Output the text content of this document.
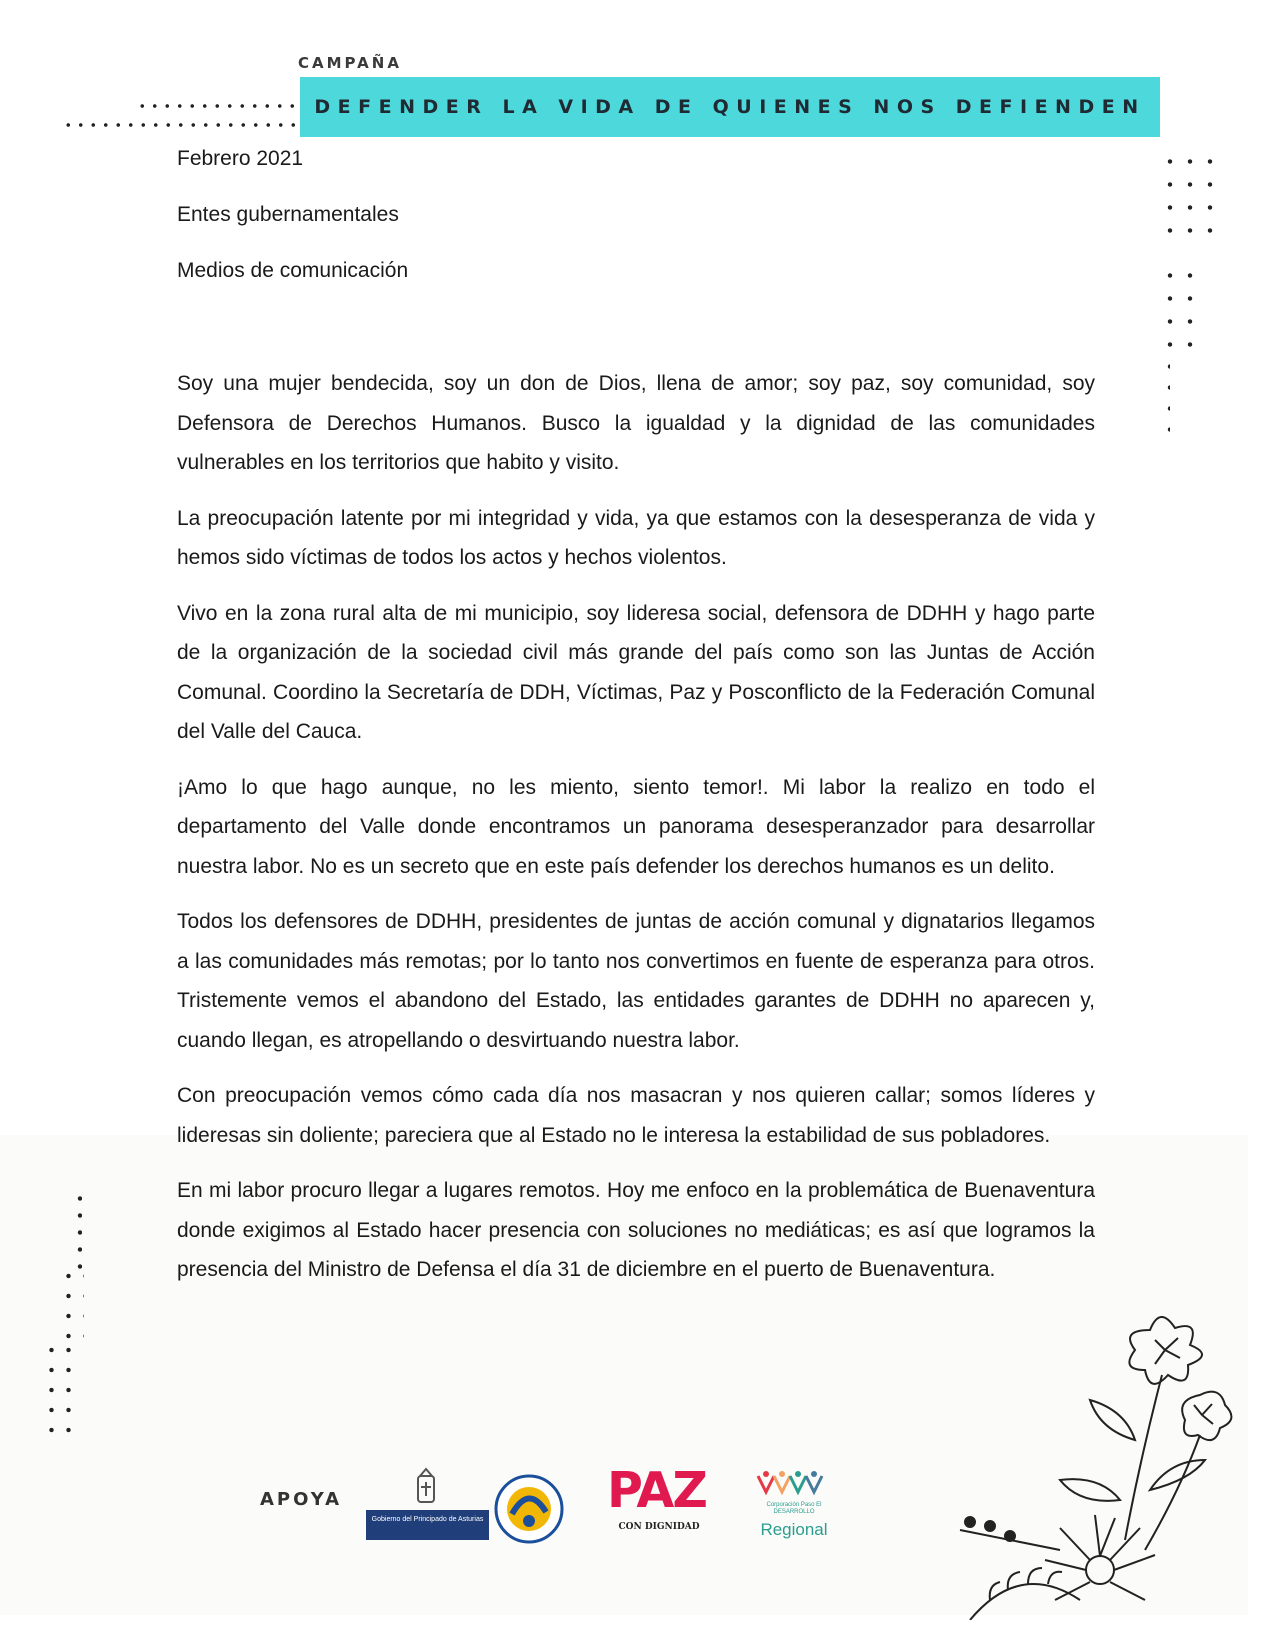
CAMPAÑA
DEFENDER LA VIDA DE QUIENES NOS DEFIENDEN
Febrero 2021
Entes gubernamentales
Medios de comunicación

Soy una mujer bendecida, soy un don de Dios, llena de amor; soy paz, soy comunidad, soy Defensora de Derechos Humanos. Busco la igualdad y la dignidad de las comunidades vulnerables en los territorios que habito y visito.

La preocupación latente por mi integridad y vida, ya que estamos con la desesperanza de vida y hemos sido víctimas de todos los actos y hechos violentos.

Vivo en la zona rural alta de mi municipio, soy lideresa social, defensora de DDHH y hago parte de la organización de la sociedad civil más grande del país como son las Juntas de Acción Comunal. Coordino la Secretaría de DDH, Víctimas, Paz y Posconflicto de la Federación Comunal del Valle del Cauca.

¡Amo lo que hago aunque, no les miento, siento temor!. Mi labor la realizo en todo el departamento del Valle donde encontramos un panorama desesperanzador para desarrollar nuestra labor. No es un secreto que en este país defender los derechos humanos es un delito.

Todos los defensores de DDHH, presidentes de juntas de acción comunal y dignatarios llegamos a las comunidades más remotas; por lo tanto nos convertimos en fuente de esperanza para otros. Tristemente vemos el abandono del Estado, las entidades garantes de DDHH no aparecen y, cuando llegan, es atropellando o desvirtuando nuestra labor.

Con preocupación vemos cómo cada día nos masacran y nos quieren callar; somos líderes y lideresas sin doliente; pareciera que al Estado no le interesa la estabilidad de sus pobladores.

En mi labor procuro llegar a lugares remotos. Hoy me enfoco en la problemática de Buenaventura donde exigimos al Estado hacer presencia con soluciones no mediáticas; es así que logramos la presencia del Ministro de Defensa el día 31 de diciembre en el puerto de Buenaventura.

APOYA
Gobierno del Principado de Asturias
PAZ
CON DIGNIDAD
Corporación Paso El DESARROLLO
Regional
